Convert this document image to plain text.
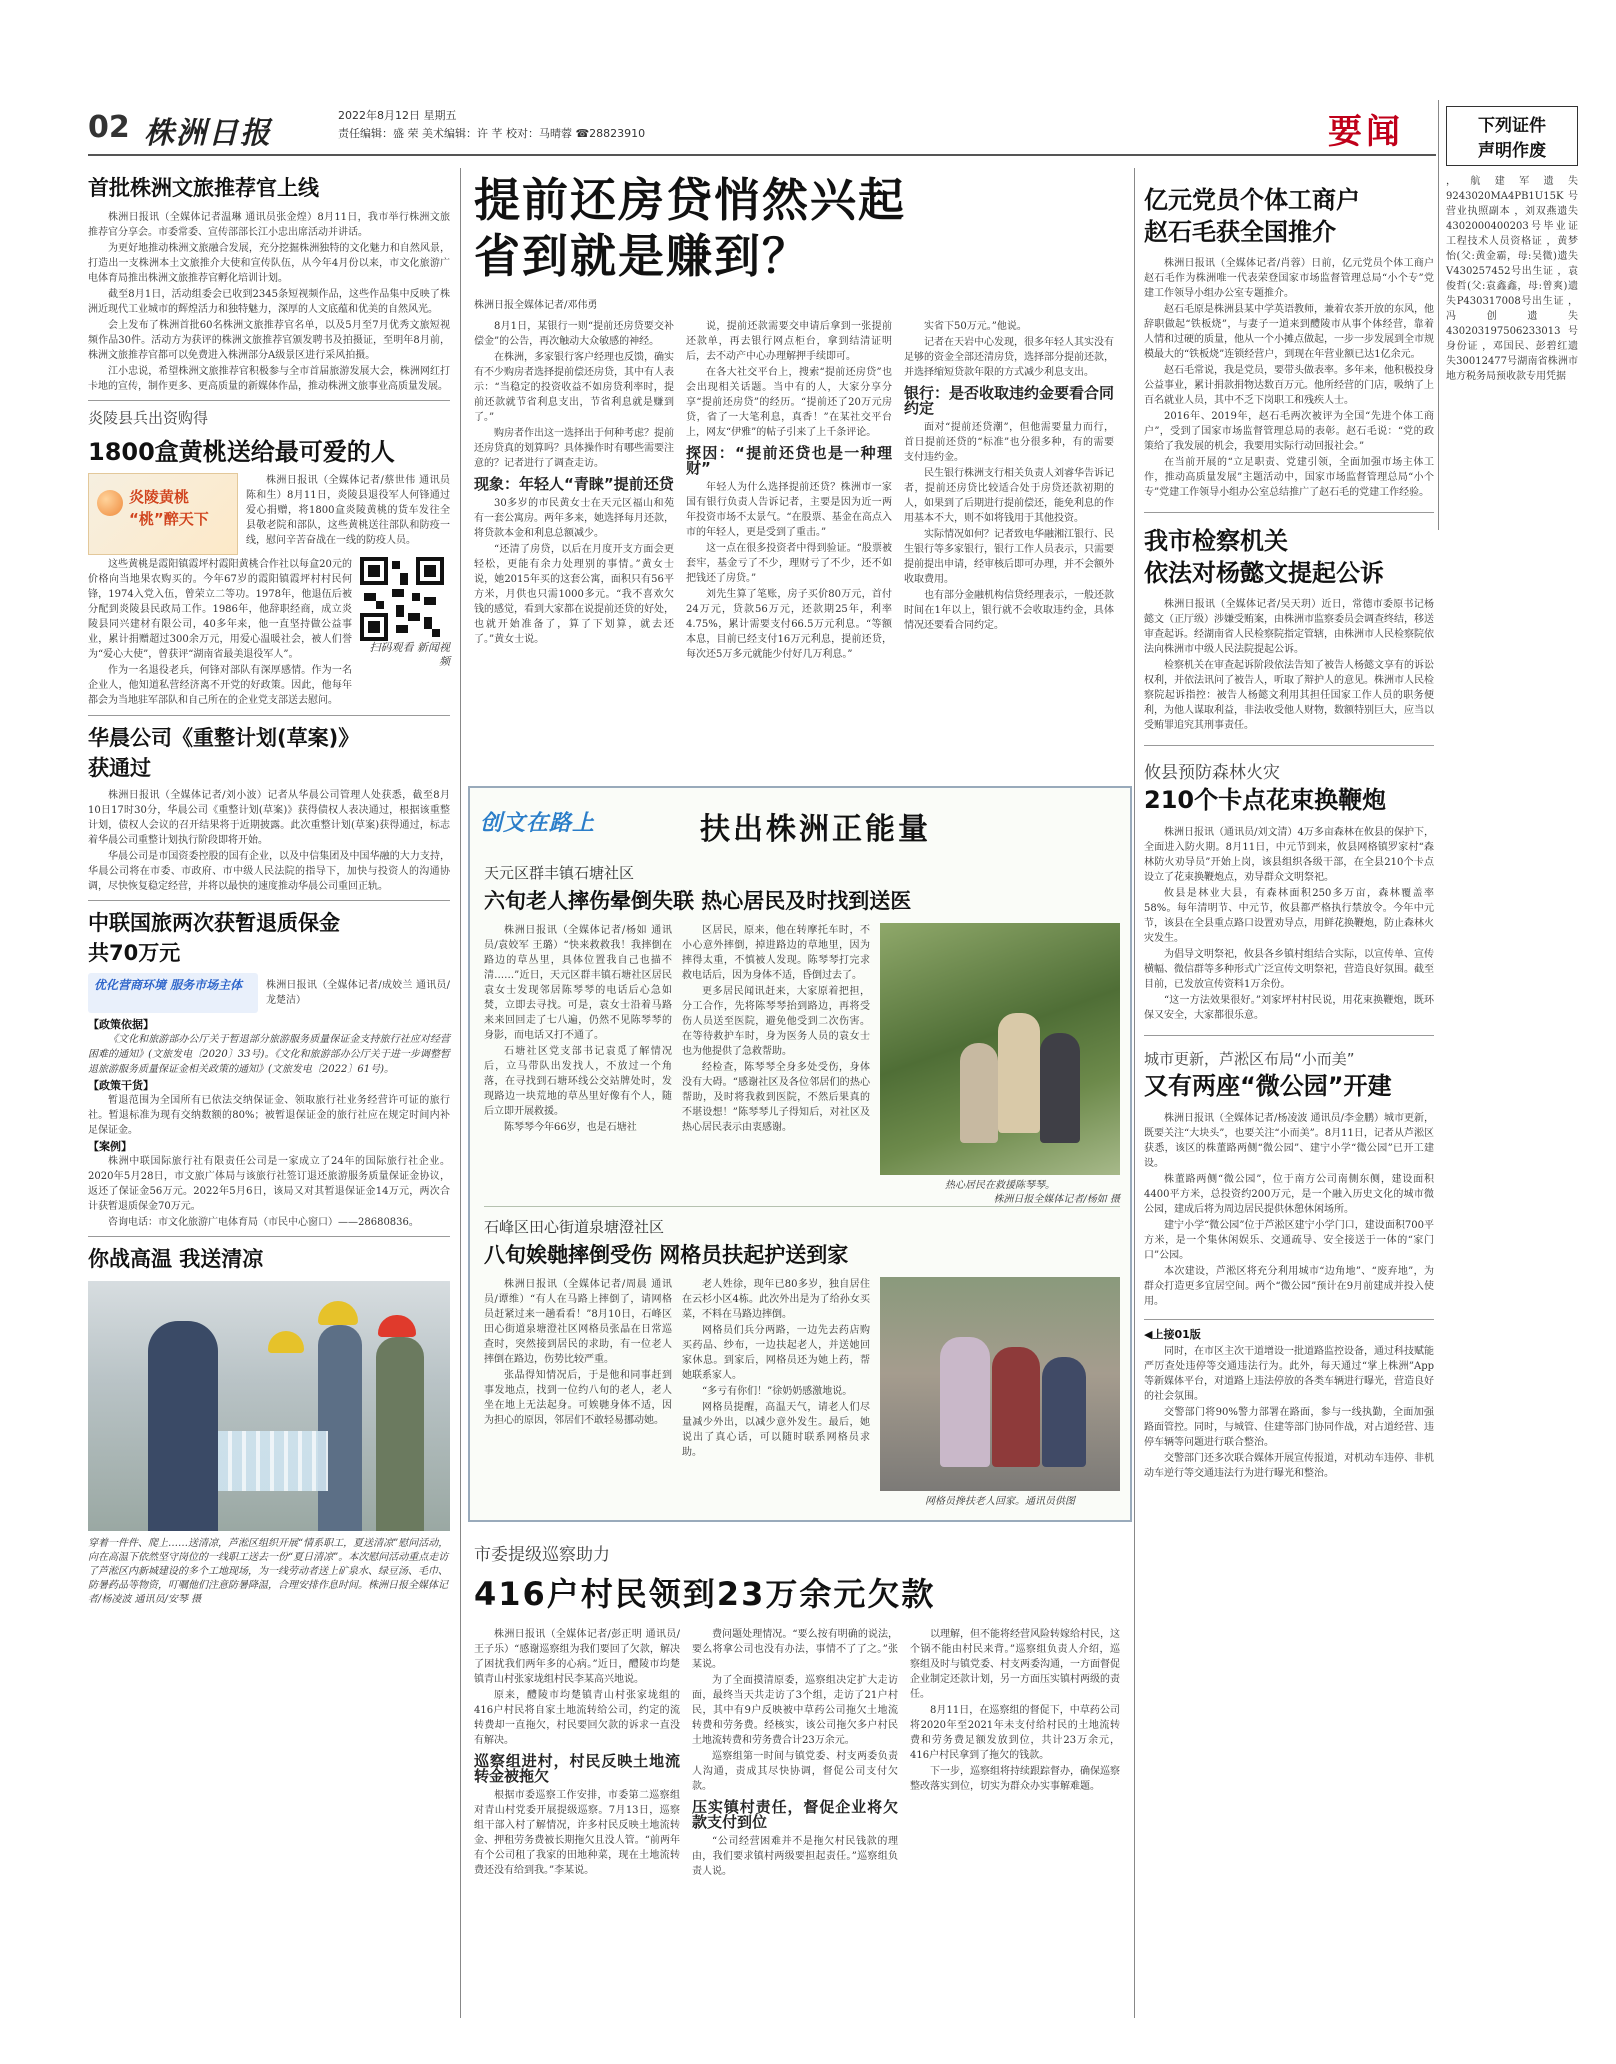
02 株洲日报
2022年8月12日 星期五
责任编辑：盛 荣 美术编辑：许 芊 校对：马晴蓉 ☎28823910	要闻	下列证件
声明作废
，航建军遗失9243020MA4PB1U15K号营业执照副本 ，刘双燕遗失4302000400203号毕业证工程技术人员资格证 ，黄梦怡(父:黄金霸，母:吴微)遗失V430257452号出生证 ，袁俊哲(父:袁鑫鑫，母:曾爽)遗失P430317008号出生证 ，冯创遗失430203197506233013号身份证 ，邓国民、彭碧红遗失30012477号湖南省株洲市地方税务局预收款专用凭据
首批株洲文旅推荐官上线

株洲日报讯（全媒体记者温琳 通讯员张金煌）8月11日，我市举行株洲文旅推荐官分享会。市委常委、宣传部部长江小忠出席活动并讲话。

为更好地推动株洲文旅融合发展，充分挖掘株洲独特的文化魅力和自然风景，打造出一支株洲本土文旅推介大使和宣传队伍，从今年4月份以来，市文化旅游广电体育局推出株洲文旅推荐官孵化培训计划。

截至8月1日，活动组委会已收到2345条短视频作品，这些作品集中反映了株洲近现代工业城市的辉煌活力和独特魅力，深厚的人文底蕴和优美的自然风光。

会上发布了株洲首批60名株洲文旅推荐官名单，以及5月至7月优秀文旅短视频作品30件。活动方为获评的株洲文旅推荐官颁发聘书及拍摄证，至明年8月前，株洲文旅推荐官都可以免费进入株洲部分A级景区进行采风拍摄。

江小忠说，希望株洲文旅推荐官积极参与全市首届旅游发展大会，株洲网红打卡地的宣传，制作更多、更高质量的新媒体作品，推动株洲文旅事业高质量发展。

炎陵县兵出资购得
1800盒黄桃送给最可爱的人
炎陵黄桃 “桃”醉天下
株洲日报讯（全媒体记者/蔡世伟 通讯员陈和生）8月11日，炎陵县退役军人何锋通过爱心捐赠，将1800盒炎陵黄桃的货车发往全县敬老院和部队，这些黄桃送往部队和防疫一线，慰问辛苦奋战在一线的防疫人员。

这些黄桃是霞阳镇霞坪村霞阳黄桃合作社以每盒20元的价格向当地果农购买的。今年67岁的霞阳镇霞坪村村民何锋，1974入党入伍，曾荣立二等功。1978年，他退伍后被分配到炎陵县民政局工作。1986年，他辞职经商，成立炎陵县同兴建材有限公司，40多年来，他一直坚持做公益事业，累计捐赠超过300余万元，用爱心温暖社会，被人们誉为“爱心大使”，曾获评“湖南省最美退役军人”。

作为一名退役老兵，何锋对部队有深厚感情。作为一名企业人，他知道私营经济离不开党的好政策。因此，他每年都会为当地驻军部队和自己所在的企业党支部送去慰问。

扫码观看 新闻视频
华晨公司《重整计划(草案)》
获通过

株洲日报讯（全媒体记者/刘小波）记者从华晨公司管理人处获悉，截至8月10日17时30分，华晨公司《重整计划(草案)》获得债权人表决通过，根据该重整计划，债权人会议的召开结果将于近期披露。此次重整计划(草案)获得通过，标志着华晨公司重整计划执行阶段即将开始。

华晨公司是市国资委控股的国有企业，以及中信集团及中国华融的大力支持，华晨公司将在市委、市政府、市中级人民法院的指导下，加快与投资人的沟通协调，尽快恢复稳定经营，并将以最快的速度推动华晨公司重回正轨。

中联国旅两次获暂退质保金
共70万元
优化营商环境 服务市场主体	株洲日报讯（全媒体记者/成姣兰 通讯员/龙楚洁）
【政策依据】

《文化和旅游部办公厅关于暂退部分旅游服务质量保证金支持旅行社应对经营困难的通知》(文旅发电〔2020〕33号)。《文化和旅游部办公厅关于进一步调整暂退旅游服务质量保证金相关政策的通知》(文旅发电〔2022〕61号)。

【政策干货】

暂退范围为全国所有已依法交纳保证金、领取旅行社业务经营许可证的旅行社。暂退标准为现有交纳数额的80%；被暂退保证金的旅行社应在规定时间内补足保证金。

【案例】

株洲中联国际旅行社有限责任公司是一家成立了24年的国际旅行社企业。2020年5月28日，市文旅广体局与该旅行社签订退还旅游服务质量保证金协议，返还了保证金56万元。2022年5月6日，该局又对其暂退保证金14万元，两次合计获暂退质保金70万元。

咨询电话：市文化旅游广电体育局（市民中心窗口）——28680836。

你战高温 我送清凉
穿着一件件、爬上……送清凉，芦淞区组织开展“情系职工，夏送清凉”慰问活动，向在高温下依然坚守岗位的一线职工送去一份“夏日清凉”。本次慰问活动重点走访了芦淞区内新城建设的多个工地现场，为一线劳动者送上矿泉水、绿豆汤、毛巾、防暑药品等物资，叮嘱他们注意防暑降温，合理安排作息时间。株洲日报全媒体记者/杨凌波 通讯员/安琴 摄
提前还房贷悄然兴起
省到就是赚到？
株洲日报全媒体记者/邓伟勇

8月1日，某银行一则“提前还房贷要交补偿金”的公告，再次触动大众敏感的神经。

在株洲，多家银行客户经理也反馈，确实有不少购房者选择提前偿还房贷，其中有人表示：“当稳定的投资收益不如房贷利率时，提前还款就节省利息支出，节省利息就是赚到了。”

购房者作出这一选择出于何种考虑？提前还房贷真的划算吗？具体操作时有哪些需要注意的？记者进行了调查走访。

现象：年轻人“青睐”提前还贷

30多岁的市民黄女士在天元区福山和苑有一套公寓房。两年多来，她选择每月还款，将贷款本金和利息总额减少。

“还清了房贷，以后在月度开支方面会更轻松，更能有余力处理别的事情。”黄女士说，她2015年买的这套公寓，面积只有56平方米，月供也只需1000多元。“我不喜欢欠钱的感觉，看到大家都在说提前还贷的好处，也就开始准备了，算了下划算，就去还了。”黄女士说。

说，提前还款需要交申请后拿到一张提前还款单，再去银行网点柜台，拿到结清证明后，去不动产中心办理解押手续即可。

在各大社交平台上，搜索“提前还房贷”也会出现相关话题。当中有的人，大家分享分享“提前还房贷”的经历。“提前还了20万元房贷，省了一大笔利息，真香！”在某社交平台上，网友“伊雅”的帖子引来了上千条评论。

探因：“提前还贷也是一种理财”

年轻人为什么选择提前还贷？株洲市一家国有银行负责人告诉记者，主要是因为近一两年投资市场不太景气。“在股票、基金在高点入市的年轻人，更是受到了重击。”

这一点在很多投资者中得到验证。“股票被套牢，基金亏了不少，理财亏了不少，还不如把钱还了房贷。”

刘先生算了笔账，房子买价80万元，首付24万元，贷款56万元，还款期25年，利率4.75%，累计需要支付66.5万元利息。“等额本息，目前已经支付16万元利息，提前还贷，每次还5万多元就能少付好几万利息。”

实省下50万元。”他说。

记者在天岩中心发现，很多年轻人其实没有足够的资金全部还清房贷，选择部分提前还款，并选择缩短贷款年限的方式减少利息支出。

银行：是否收取违约金要看合同约定

面对“提前还贷潮”，但他需要量力而行，首日提前还贷的“标准”也分很多种，有的需要支付违约金。

民生银行株洲支行相关负责人刘睿华告诉记者，提前还房贷比较适合处于房贷还款初期的人，如果到了后期进行提前偿还，能免利息的作用基本不大，则不如将钱用于其他投资。

实际情况如何？记者致电华融湘江银行、民生银行等多家银行，银行工作人员表示，只需要提前提出申请，经审核后即可办理，并不会额外收取费用。

也有部分金融机构信贷经理表示，一般还款时间在1年以上，银行就不会收取违约金，具体情况还要看合同约定。

创文在路上	扶出株洲正能量
天元区群丰镇石塘社区
六旬老人摔伤晕倒失联 热心居民及时找到送医

株洲日报讯（全媒体记者/杨如 通讯员/袁姣军 王璐）“快来救救我！我摔倒在路边的草丛里，具体位置我自己也描不清……”近日，天元区群丰镇石塘社区居民袁女士发现邻居陈琴琴的电话后心急如焚，立即去寻找。可是，袁女士沿着马路来来回回走了七八遍，仍然不见陈琴琴的身影，而电话又打不通了。

石塘社区党支部书记袁觅了解情况后，立马带队出发找人，不放过一个角落，在寻找到石塘环线公交站牌处时，发现路边一块荒地的草丛里好像有个人，随后立即开展救援。

陈琴琴今年66岁，也是石塘社

区居民，原来，他在转摩托车时，不小心意外摔倒，掉进路边的草地里，因为摔得太重，不慎被人发现。陈琴琴打完求救电话后，因为身体不适，昏倒过去了。

更多居民闻讯赶来，大家原着把担，分工合作，先将陈琴琴抬到路边，再将受伤人员送至医院，避免他受到二次伤害。在等待救护车时，身为医务人员的袁女士也为他提供了急救帮助。

经检查，陈琴琴全身多处受伤，身体没有大碍。“感谢社区及各位邻居们的热心帮助，及时将我救到医院，不然后果真的不堪设想！”陈琴琴儿子得知后，对社区及热心居民表示由衷感谢。

热心居民在救援陈琴琴。
株洲日报全媒体记者/杨如 摄
石峰区田心街道泉塘澄社区
八旬娭毑摔倒受伤 网格员扶起护送到家

株洲日报讯（全媒体记者/周晨 通讯员/谭维）“有人在马路上摔倒了，请网格员赶紧过来一趟看看！”8月10日，石峰区田心街道泉塘澄社区网格员张晶在日常巡查时，突然接到居民的求助，有一位老人摔倒在路边，伤势比较严重。

张晶得知情况后，于是他和同事赶到事发地点，找到一位约八旬的老人，老人坐在地上无法起身。可娭毑身体不适，因为担心的原因，邻居们不敢轻易挪动她。

老人姓徐，现年已80多岁，独自居住在云杉小区4栋。此次外出是为了给孙女买菜，不料在马路边摔倒。

网格员们兵分两路，一边先去药店购买药品、纱布，一边扶起老人，并送她回家休息。到家后，网格员还为她上药，帮她联系家人。

“多亏有你们！”徐奶奶感激地说。

网格员提醒，高温天气，请老人们尽量减少外出，以减少意外发生。最后，她说出了真心话，可以随时联系网格员求助。

网格员搀扶老人回家。通讯员供图
市委提级巡察助力
416户村民领到23万余元欠款

株洲日报讯（全媒体记者/彭正明 通讯员/王子乐）“感谢巡察组为我们要回了欠款，解决了困扰我们两年多的心病。”近日，醴陵市均楚镇青山村张家垅组村民李某高兴地说。

原来，醴陵市均楚镇青山村张家垅组的416户村民将自家土地流转给公司，约定的流转费却一直拖欠，村民要回欠款的诉求一直没有解决。

巡察组进村，村民反映土地流转金被拖欠

根据市委巡察工作安排，市委第二巡察组对青山村党委开展提级巡察。7月13日，巡察组干部入村了解情况，许多村民反映土地流转金、押租劳务费被长期拖欠且没人管。“前两年有个公司租了我家的田地种菜，现在土地流转费还没有给到我。”李某说。

费问题处理情况。“要么按有明确的说法，要么将拿公司也没有办法，事情不了了之。”张某说。

为了全面摸清原委，巡察组决定扩大走访面，最终当天共走访了3个组，走访了21户村民，其中有9户反映被中草药公司拖欠土地流转费和劳务费。经核实，该公司拖欠多户村民土地流转费和劳务费合计23万余元。

巡察组第一时间与镇党委、村支两委负责人沟通，责成其尽快协调，督促公司支付欠款。

压实镇村责任，督促企业将欠款支付到位

“公司经营困难并不是拖欠村民钱款的理由，我们要求镇村两级要担起责任。”巡察组负责人说。

以理解，但不能将经营风险转嫁给村民，这个锅不能由村民来背。”巡察组负责人介绍，巡察组及时与镇党委、村支两委沟通，一方面督促企业制定还款计划，另一方面压实镇村两级的责任。

8月11日，在巡察组的督促下，中草药公司将2020年至2021年未支付给村民的土地流转费和劳务费足额发放到位，共计23万余元，416户村民拿到了拖欠的钱款。

下一步，巡察组将持续跟踪督办，确保巡察整改落实到位，切实为群众办实事解难题。

亿元党员个体工商户
赵石毛获全国推介

株洲日报讯（全媒体记者/肖蓉）日前，亿元党员个体工商户赵石毛作为株洲唯一代表荣登国家市场监督管理总局“小个专”党建工作领导小组办公室专题推介。

赵石毛原是株洲县某中学英语教师，兼着农茶开放的东风，他辞职做起“铁板烧”，与妻子一道来到醴陵市从事个体经营，靠着人情和过硬的质量，他从一个小摊点做起，一步一步发展到全市规模最大的“铁板烧”连锁经营户，到现在年营业额已达1亿余元。

赵石毛常说，我是党员，要带头做表率。多年来，他积极投身公益事业，累计捐款捐物达数百万元。他所经营的门店，吸纳了上百名就业人员，其中不乏下岗职工和残疾人士。

2016年、2019年，赵石毛两次被评为全国“先进个体工商户”，受到了国家市场监督管理总局的表彰。赵石毛说：“党的政策给了我发展的机会，我要用实际行动回报社会。”

在当前开展的“立足职责、党建引领，全面加强市场主体工作，推动高质量发展”主题活动中，国家市场监督管理总局“小个专”党建工作领导小组办公室总结推广了赵石毛的党建工作经验。

我市检察机关
依法对杨懿文提起公诉

株洲日报讯（全媒体记者/吴天玥）近日，常德市委原书记杨懿文（正厅级）涉嫌受贿案，由株洲市监察委员会调查终结，移送审查起诉。经湖南省人民检察院指定管辖，由株洲市人民检察院依法向株洲市中级人民法院提起公诉。

检察机关在审查起诉阶段依法告知了被告人杨懿文享有的诉讼权利，并依法讯问了被告人，听取了辩护人的意见。株洲市人民检察院起诉指控：被告人杨懿文利用其担任国家工作人员的职务便利，为他人谋取利益，非法收受他人财物，数额特别巨大，应当以受贿罪追究其刑事责任。

攸县预防森林火灾
210个卡点花束换鞭炮

株洲日报讯（通讯员/刘文清）4万多亩森林在攸县的保护下，全面进入防火期。8月11日，中元节到来，攸县网格镇罗家村“森林防火劝导员”开始上岗，该县组织各级干部，在全县210个卡点设立了花束换鞭炮点，劝导群众文明祭祀。

攸县是林业大县，有森林面积250多万亩，森林覆盖率58%。每年清明节、中元节，攸县都严格执行禁放令。今年中元节，该县在全县重点路口设置劝导点，用鲜花换鞭炮，防止森林火灾发生。

为倡导文明祭祀，攸县各乡镇村组结合实际，以宣传单、宣传横幅、微信群等多种形式广泛宣传文明祭祀，营造良好氛围。截至目前，已发放宣传资料1万余份。

“这一方法效果很好。”刘家坪村村民说，用花束换鞭炮，既环保又安全，大家都很乐意。

城市更新，芦淞区布局“小而美”
又有两座“微公园”开建

株洲日报讯（全媒体记者/杨凌波 通讯员/李金鹏）城市更新，既要关注“大块头”，也要关注“小而美”。8月11日，记者从芦淞区获悉，该区的株董路两侧“微公园”、建宁小学“微公园”已开工建设。

株董路两侧“微公园”，位于南方公司南侧东侧，建设面积4400平方米，总投资约200万元，是一个融入历史文化的城市微公园，建成后将为周边居民提供休憩休闲场所。

建宁小学“微公园”位于芦淞区建宁小学门口，建设面积700平方米，是一个集休闲娱乐、交通疏导、安全接送于一体的“家门口”公园。

本次建设，芦淞区将充分利用城市“边角地”、“废弃地”，为群众打造更多宜居空间。两个“微公园”预计在9月前建成并投入使用。

◀上接01版

同时，在市区主次干道增设一批道路监控设备，通过科技赋能严厉查处违停等交通违法行为。此外，每天通过“掌上株洲”App等新媒体平台，对道路上违法停放的各类车辆进行曝光，营造良好的社会氛围。

交警部门将90%警力部署在路面，参与一线执勤，全面加强路面管控。同时，与城管、住建等部门协同作战，对占道经营、违停车辆等问题进行联合整治。

交警部门还多次联合媒体开展宣传报道，对机动车违停、非机动车逆行等交通违法行为进行曝光和整治。
